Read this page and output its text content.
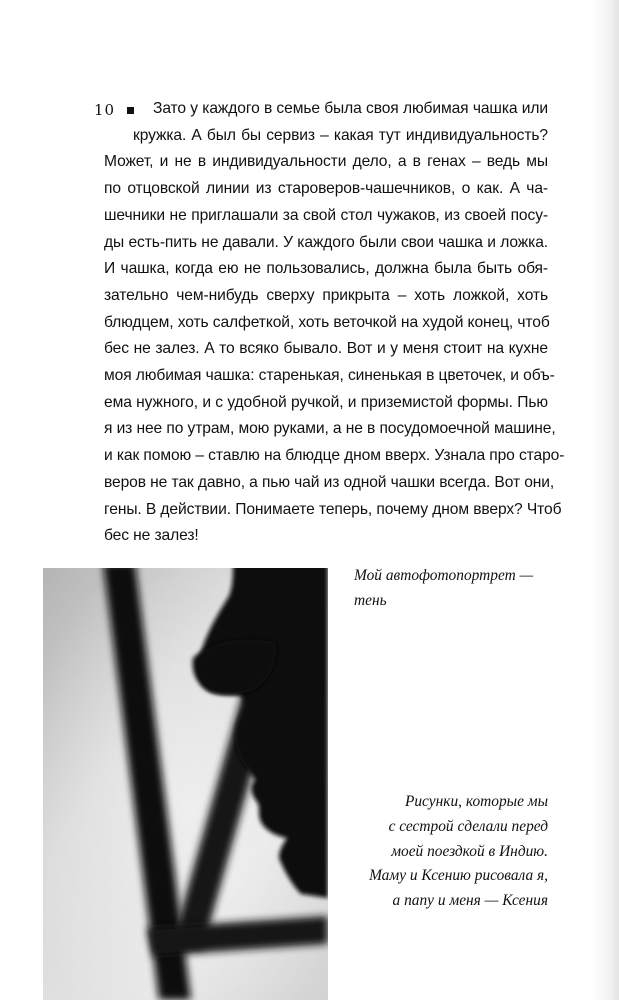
10	Зато у каждого в семье была своя любимая чашка или
кружка. А был бы сервиз – какая тут индивидуальность?
Может, и не в индивидуальности дело, а в генах – ведь мы
по отцовской линии из староверов-чашечников, о как. А ча-
шечники не приглашали за свой стол чужаков, из своей посу-
ды есть-пить не давали. У каждого были свои чашка и ложка.
И чашка, когда ею не пользовались, должна была быть обя-
зательно чем-нибудь сверху прикрыта – хоть ложкой, хоть
блюдцем, хоть салфеткой, хоть веточкой на худой конец, чтоб
бес не залез. А то всяко бывало. Вот и у меня стоит на кухне
моя любимая чашка: старенькая, синенькая в цветочек, и объ-
ема нужного, и с удобной ручкой, и приземистой формы. Пью
я из нее по утрам, мою руками, а не в посудомоечной машине,
и как помою – ставлю на блюдце дном вверх. Узнала про старо-
веров не так давно, а пью чай из одной чашки всегда. Вот они,
гены. В действии. Понимаете теперь, почему дном вверх? Чтоб
бес не залез!
Мой автофотопортрет —
тень
Рисунки, которые мы
с сестрой сделали перед
моей поездкой в Индию.
Маму и Ксению рисовала я,
а папу и меня — Ксения
